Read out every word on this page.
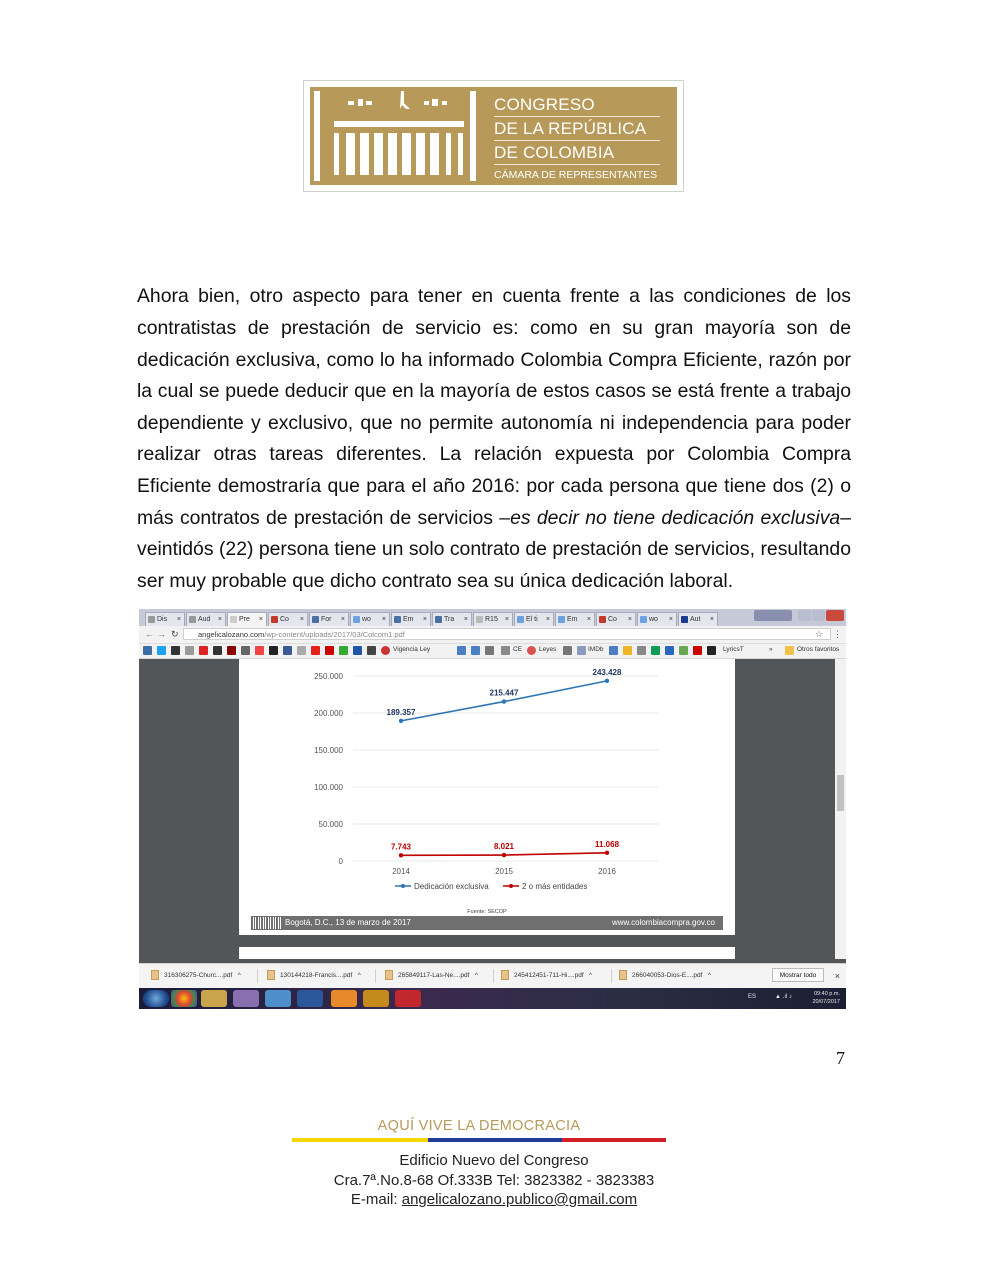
CONGRESO
DE LA REPÚBLICA
DE COLOMBIA
CÁMARA DE REPRESENTANTES

Ahora bien, otro aspecto para tener en cuenta frente a las condiciones de los contratistas de prestación de servicio es: como en su gran mayoría son de dedicación exclusiva, como lo ha informado Colombia Compra Eficiente, razón por la cual se puede deducir que en la mayoría de estos casos se está frente a trabajo dependiente y exclusivo, que no permite autonomía ni independencia para poder realizar otras tareas diferentes. La relación expuesta por Colombia Compra Eficiente demostraría que para el año 2016: por cada persona que tiene dos (2) o más contratos de prestación de servicios –es decir no tiene dedicación exclusiva– veintidós (22) persona tiene un solo contrato de prestación de servicios, resultando ser muy probable que dicho contrato sea su única dedicación laboral.

Dis ×	Aud ×	Pre ×	Co ×	For ×	wo ×	Em ×	Tra ×	R15 ×	El ti ×	Em ×	Co ×	wo ×	Aut ×
← → ↻	angelicalozano.com/wp-content/uploads/2017/03/Colcom1.pdf	☆ ⋮
Vigencia Ley	CE	Leyes	IMDb	LyricsT	»	Otros favoritos
0
50.000
100.000
150.000
200.000
250.000
2014	2015	2016
189.357
215.447
243.428
7.743	8.021	11.068
Dedicación exclusiva	2 o más entidades
Fuente: SECOP
Bogotá, D.C., 13 de marzo de 2017	www.colombiacompra.gov.co
316306275-Churc....pdf   ^	130144218-Francis....pdf   ^	265849117-Las-Ne....pdf   ^	245412451-711-Hi....pdf   ^	266040053-Dios-E....pdf   ^	Mostrar todo	×
ES	▲ .ıl ♪	09:40 p.m.
20/07/2017
7
AQUÍ VIVE LA DEMOCRACIA
Edificio Nuevo del Congreso
Cra.7ª.No.8-68 Of.333B Tel: 3823382 - 3823383
E-mail: angelicalozano.publico@gmail.com
